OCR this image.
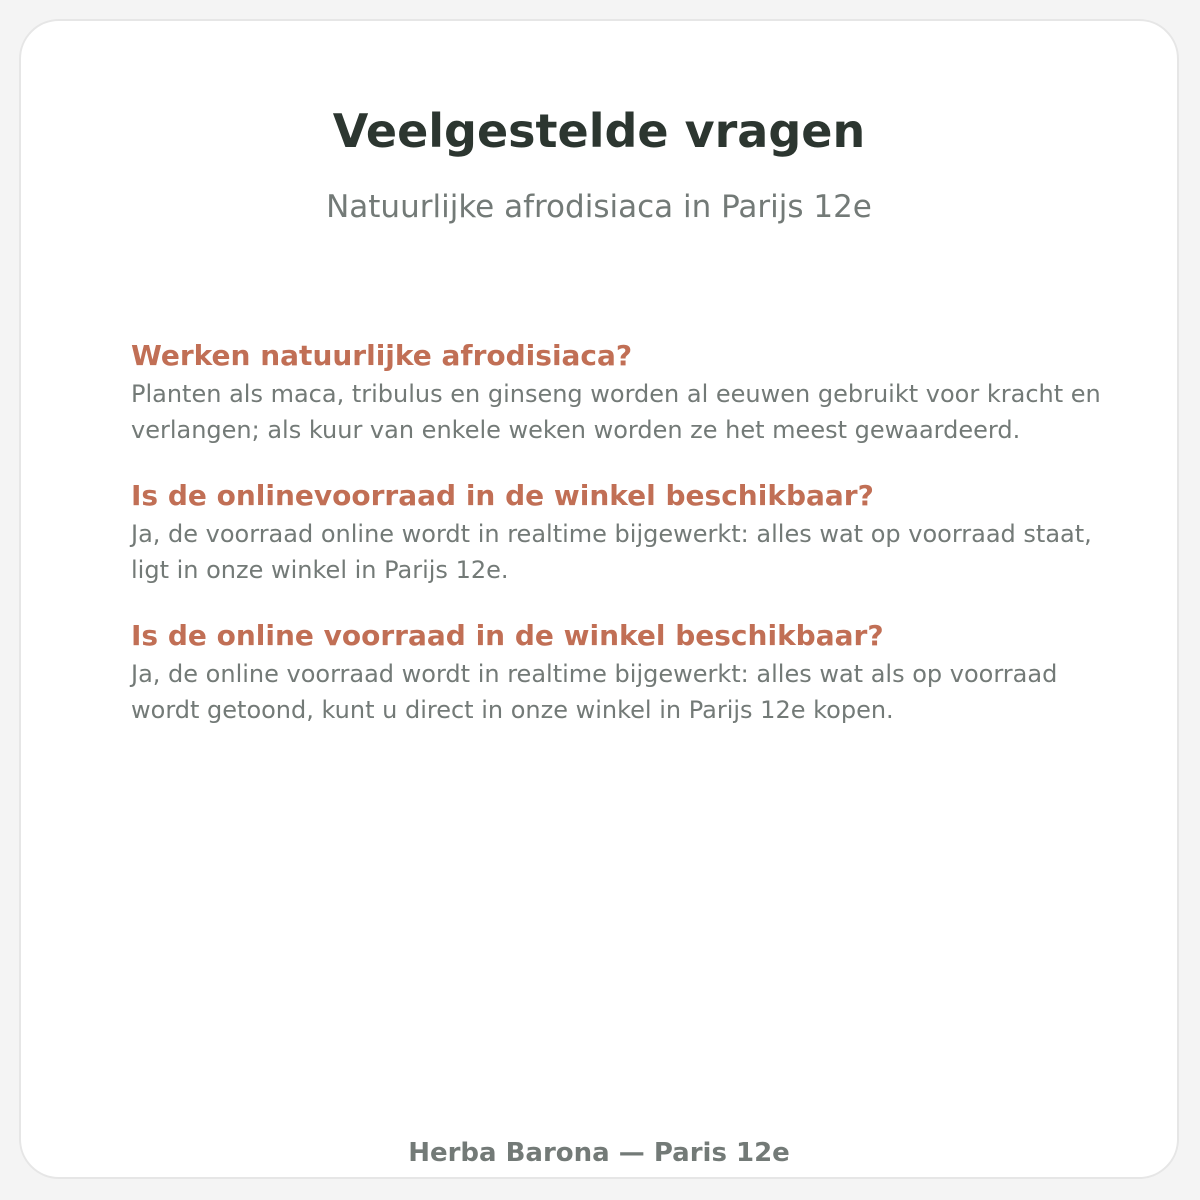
Veelgestelde vragen
Natuurlijke afrodisiaca in Parijs 12e
Werken natuurlijke afrodisiaca?
Planten als maca, tribulus en ginseng worden al eeuwen gebruikt voor kracht en verlangen; als kuur van enkele weken worden ze het meest gewaardeerd.
Is de onlinevoorraad in de winkel beschikbaar?
Ja, de voorraad online wordt in realtime bijgewerkt: alles wat op voorraad staat, ligt in onze winkel in Parijs 12e.
Is de online voorraad in de winkel beschikbaar?
Ja, de online voorraad wordt in realtime bijgewerkt: alles wat als op voorraad wordt getoond, kunt u direct in onze winkel in Parijs 12e kopen.
Herba Barona — Paris 12e
